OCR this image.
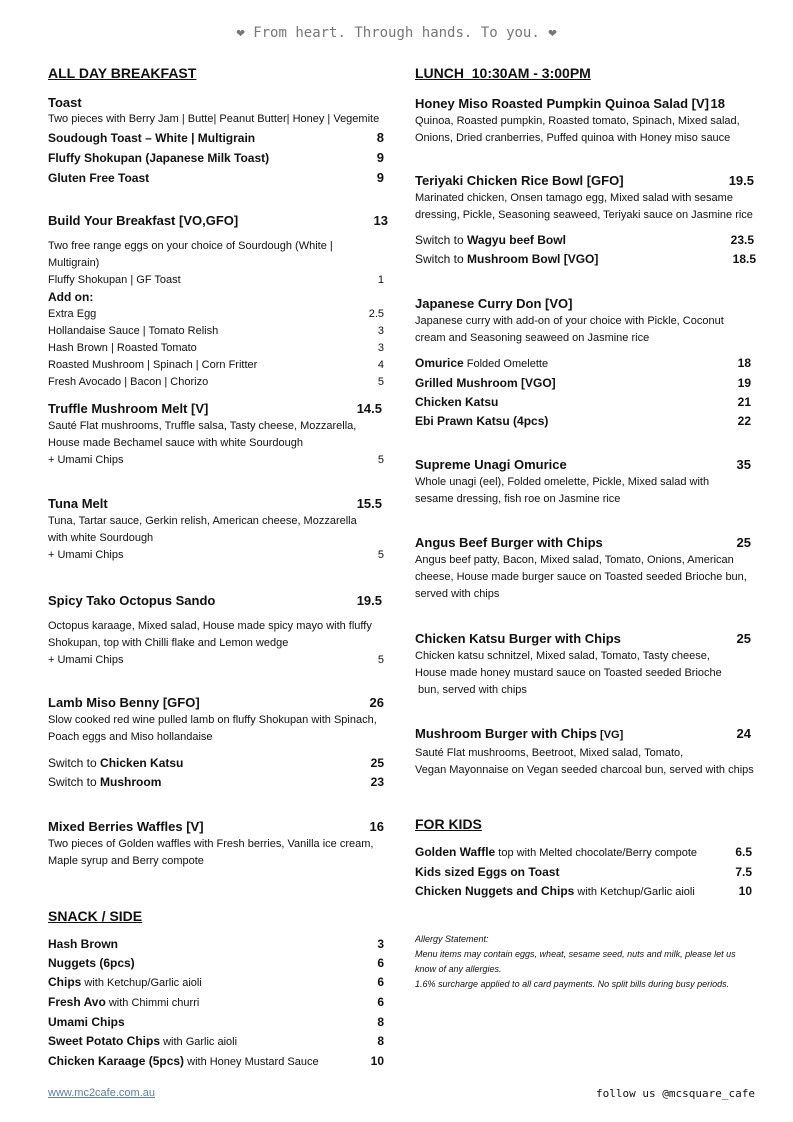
❤ From heart. Through hands. To you. ❤
ALL DAY BREAKFAST
Toast
Two pieces with Berry Jam | Butte| Peanut Butter| Honey | Vegemite
Soudough Toast – White | Multigrain	8
Fluffy Shokupan (Japanese Milk Toast)	9
Gluten Free Toast	9
Build Your Breakfast [VO,GFO]	13
Two free range eggs on your choice of Sourdough (White | Multigrain)
Fluffy Shokupan | GF Toast	1
Add on:
Extra Egg	2.5
Hollandaise Sauce | Tomato Relish	3
Hash Brown | Roasted Tomato	3
Roasted Mushroom | Spinach | Corn Fritter	4
Fresh Avocado | Bacon | Chorizo	5
Truffle Mushroom Melt [V]	14.5
Sauté Flat mushrooms, Truffle salsa, Tasty cheese, Mozzarella,
House made Bechamel sauce with white Sourdough
+ Umami Chips	5
Tuna Melt	15.5
Tuna, Tartar sauce, Gerkin relish, American cheese, Mozzarella
with white Sourdough
+ Umami Chips	5
Spicy Tako Octopus Sando	19.5
Octopus karaage, Mixed salad, House made spicy mayo with fluffy
Shokupan, top with Chilli flake and Lemon wedge
+ Umami Chips	5
Lamb Miso Benny [GFO]	26
Slow cooked red wine pulled lamb on fluffy Shokupan with Spinach,
Poach eggs and Miso hollandaise
Switch to Chicken Katsu	25
Switch to Mushroom	23
Mixed Berries Waffles [V]	16
Two pieces of Golden waffles with Fresh berries, Vanilla ice cream,
Maple syrup and Berry compote
SNACK / SIDE
Hash Brown	3
Nuggets (6pcs)	6
Chips with Ketchup/Garlic aioli	6
Fresh Avo with Chimmi churri	6
Umami Chips	8
Sweet Potato Chips with Garlic aioli	8
Chicken Karaage (5pcs) with Honey Mustard Sauce	10
LUNCH  10:30AM - 3:00PM
Honey Miso Roasted Pumpkin Quinoa Salad [V] 18
Quinoa, Roasted pumpkin, Roasted tomato, Spinach, Mixed salad,
Onions, Dried cranberries, Puffed quinoa with Honey miso sauce
Teriyaki Chicken Rice Bowl [GFO]	19.5
Marinated chicken, Onsen tamago egg, Mixed salad with sesame
dressing, Pickle, Seasoning seaweed, Teriyaki sauce on Jasmine rice
Switch to Wagyu beef Bowl	23.5
Switch to Mushroom Bowl [VGO]	18.5
Japanese Curry Don [VO]
Japanese curry with add-on of your choice with Pickle, Coconut
cream and Seasoning seaweed on Jasmine rice
Omurice Folded Omelette	18
Grilled Mushroom [VGO]	19
Chicken Katsu	21
Ebi Prawn Katsu (4pcs)	22
Supreme Unagi Omurice	35
Whole unagi (eel), Folded omelette, Pickle, Mixed salad with
sesame dressing, fish roe on Jasmine rice
Angus Beef Burger with Chips	25
Angus beef patty, Bacon, Mixed salad, Tomato, Onions, American
cheese, House made burger sauce on Toasted seeded Brioche bun,
served with chips
Chicken Katsu Burger with Chips	25
Chicken katsu schnitzel, Mixed salad, Tomato, Tasty cheese,
House made honey mustard sauce on Toasted seeded Brioche
bun, served with chips
Mushroom Burger with Chips [VG]	24
Sauté Flat mushrooms, Beetroot, Mixed salad, Tomato,
Vegan Mayonnaise on Vegan seeded charcoal bun, served with chips
FOR KIDS
Golden Waffle top with Melted chocolate/Berry compote	6.5
Kids sized Eggs on Toast	7.5
Chicken Nuggets and Chips with Ketchup/Garlic aioli	10
Allergy Statement:
Menu items may contain eggs, wheat, sesame seed, nuts and milk, please let us
know of any allergies.
1.6% surcharge applied to all card payments. No split bills during busy periods.
www.mc2cafe.com.au	follow us @mcsquare_cafe
